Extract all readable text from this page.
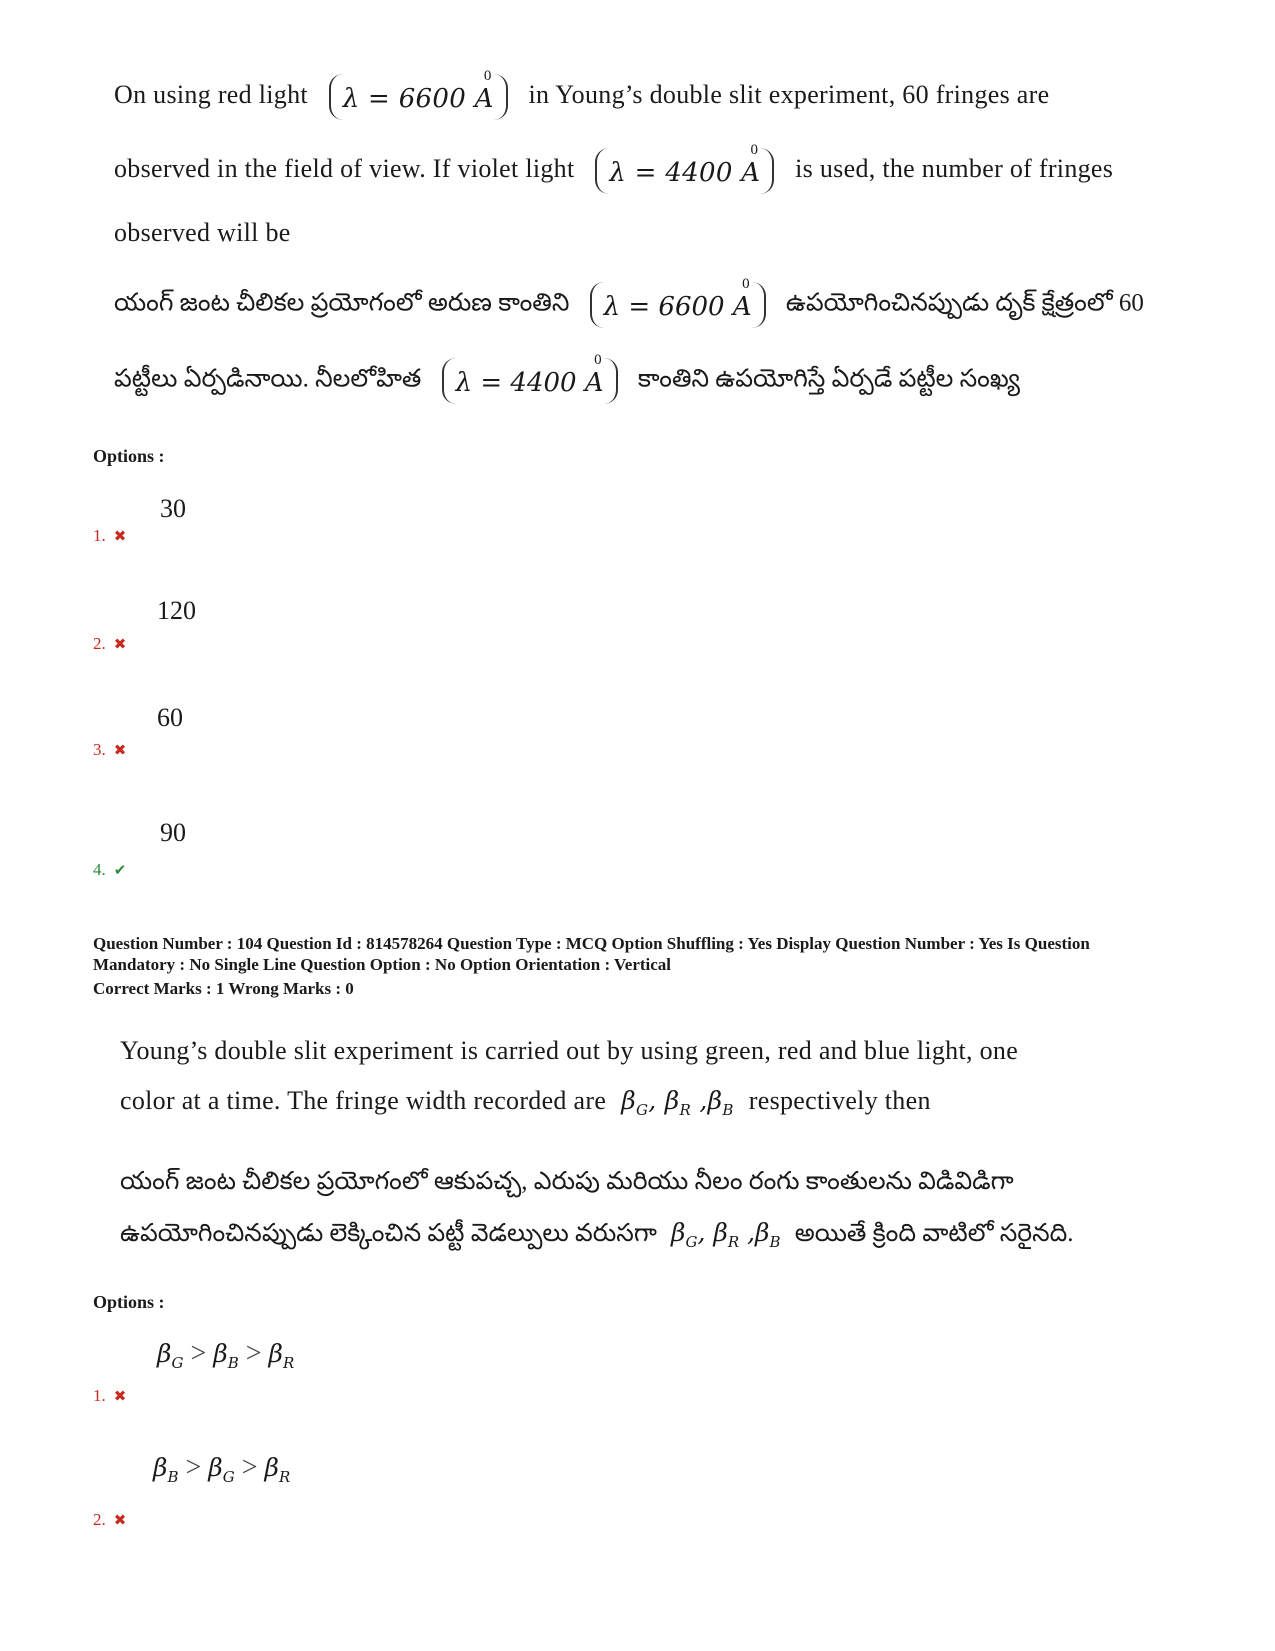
On using red light
0
λ = 6600 A in Young’s double slit experiment, 60 fringes are
observed in the field of view. If violet light
0
λ = 4400 A is used, the number of fringes
observed will be
యంగ్ జంట చీలికల ప్రయోగంలో అరుణ కాంతిని
0
λ = 6600 A ఉపయోగించినప్పుడు దృక్ క్షేత్రంలో 60
పట్టీలు ఏర్పడినాయి. నీలలోహిత
0
λ = 4400 A కాంతిని ఉపయోగిస్తే ఏర్పడే పట్టీల సంఖ్య
Options :
30
1. ✖
120
2. ✖
60
3. ✖
90
4. ✔
Question Number : 104 Question Id : 814578264 Question Type : MCQ Option Shuffling : Yes Display Question Number : Yes Is Question
Mandatory : No Single Line Question Option : No Option Orientation : Vertical
Correct Marks : 1 Wrong Marks : 0
Young’s double slit experiment is carried out by using green, red and blue light, one
color at a time. The fringe width recorded are  $\beta_G$, $\beta_R$ $,\beta_B$ respectively then
యంగ్ జంట చీలికల ప్రయోగంలో ఆకుపచ్చ, ఎరుపు మరియు నీలం రంగు కాంతులను విడివిడిగా
ఉపయోగించినప్పుడు లెక్కించిన పట్టీ వెడల్పులు వరుసగా  $\beta_G$, $\beta_R$ $,\beta_B$ అయితే క్రింది వాటిలో సరైనది.
Options :
$\beta_G > \beta_B > \beta_R$
1. ✖
$\beta_B > \beta_G > \beta_R$
2. ✖
